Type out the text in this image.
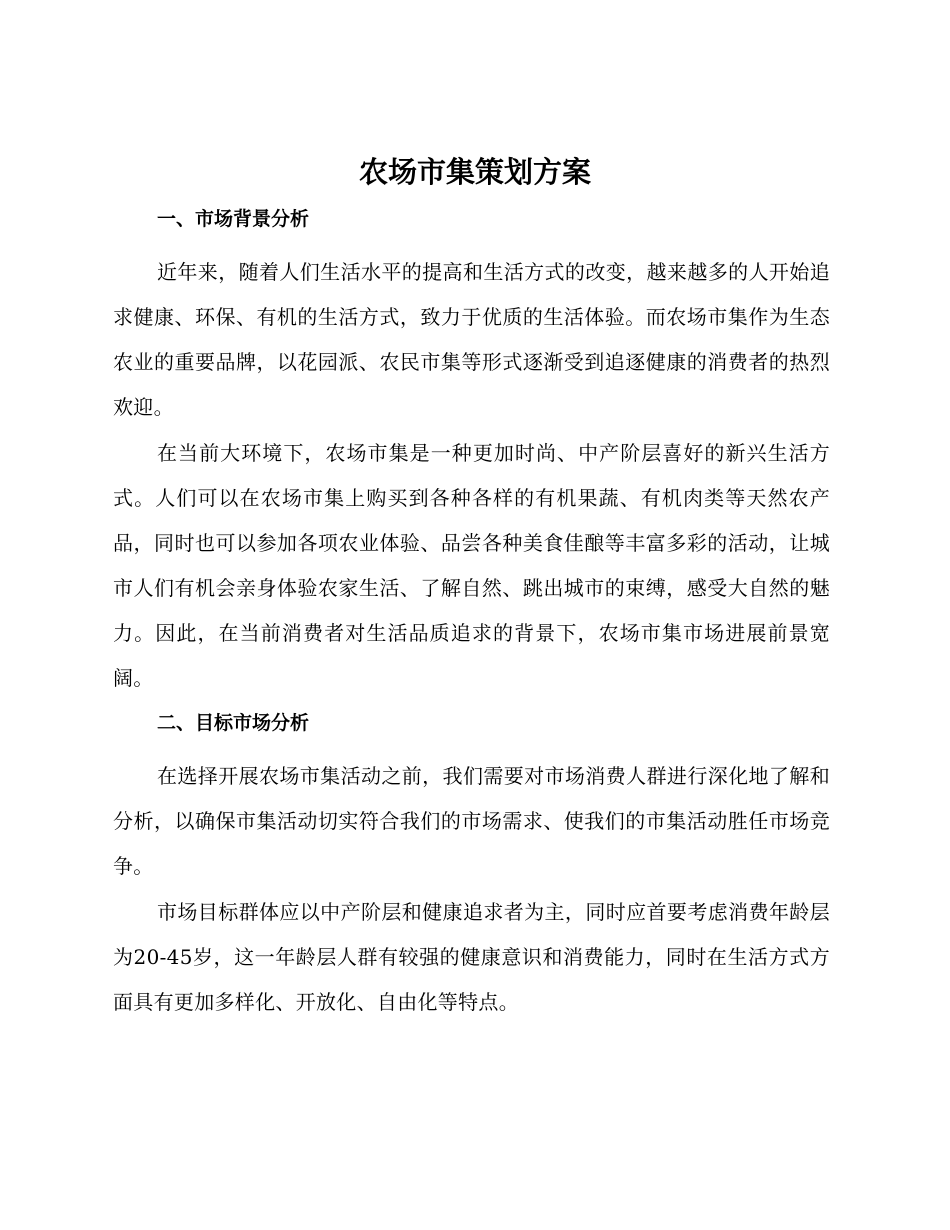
农场市集策划方案
一、市场背景分析

近年来，随着人们生活水平的提高和生活方式的改变，越来越多的人开始追求健康、环保、有机的生活方式，致力于优质的生活体验。而农场市集作为生态农业的重要品牌，以花园派、农民市集等形式逐渐受到追逐健康的消费者的热烈欢迎。

在当前大环境下，农场市集是一种更加时尚、中产阶层喜好的新兴生活方式。人们可以在农场市集上购买到各种各样的有机果蔬、有机肉类等天然农产品，同时也可以参加各项农业体验、品尝各种美食佳酿等丰富多彩的活动，让城市人们有机会亲身体验农家生活、了解自然、跳出城市的束缚，感受大自然的魅力。因此，在当前消费者对生活品质追求的背景下，农场市集市场进展前景宽阔。

二、目标市场分析

在选择开展农场市集活动之前，我们需要对市场消费人群进行深化地了解和分析，以确保市集活动切实符合我们的市场需求、使我们的市集活动胜任市场竞争。

市场目标群体应以中产阶层和健康追求者为主，同时应首要考虑消费年龄层为20-45岁，这一年龄层人群有较强的健康意识和消费能力，同时在生活方式方面具有更加多样化、开放化、自由化等特点。
